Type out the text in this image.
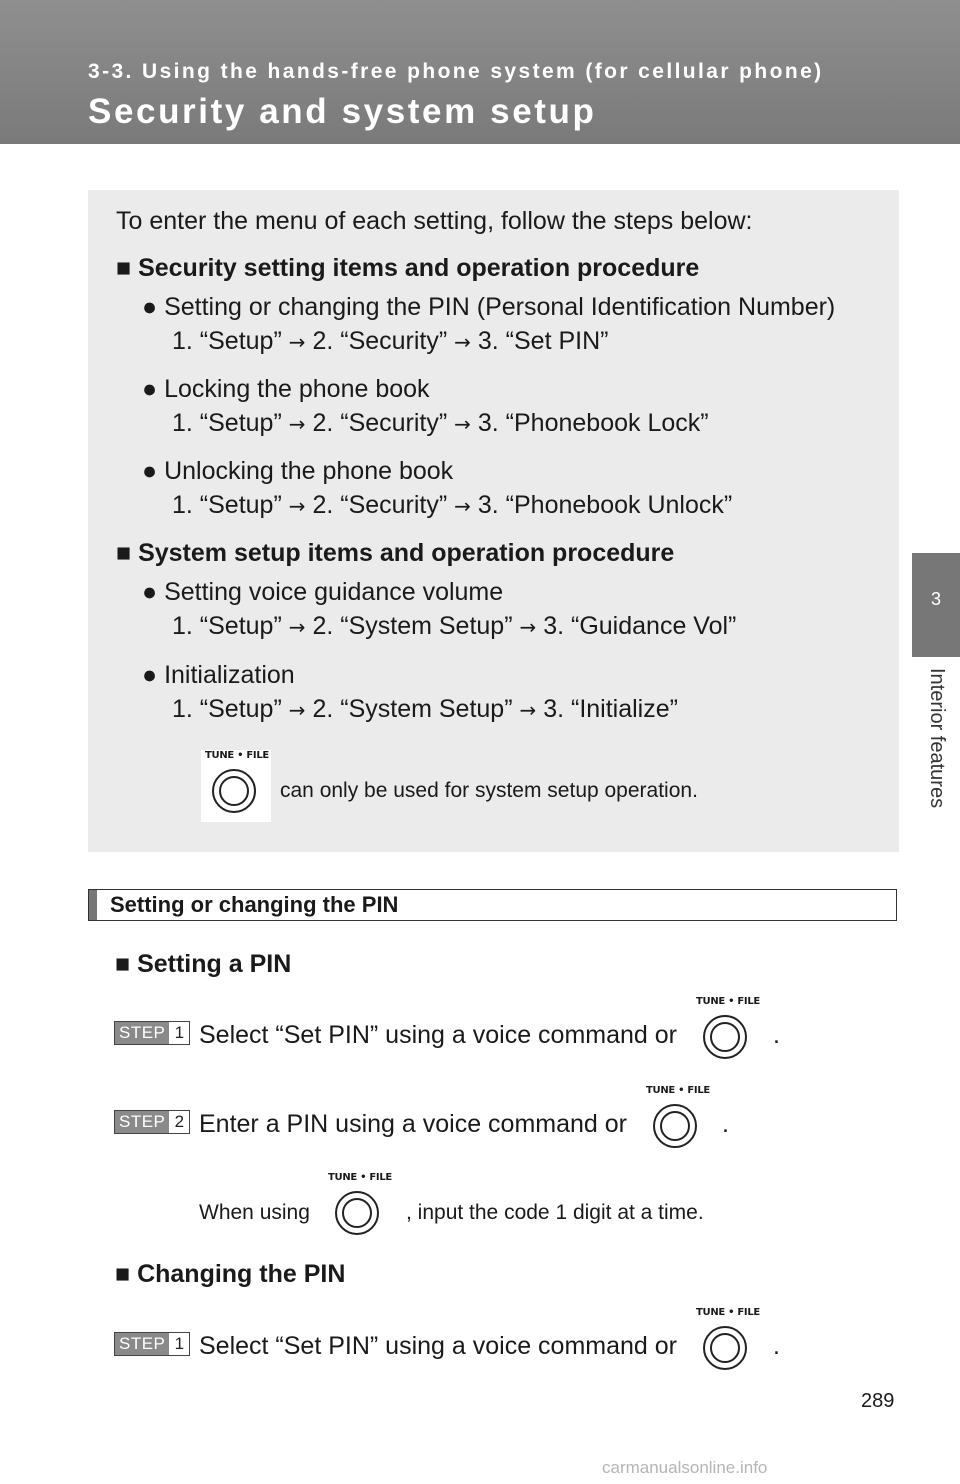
3-3. Using the hands-free phone system (for cellular phone)
Security and system setup
3
Interior features
To enter the menu of each setting, follow the steps below:
■ Security setting items and operation procedure
● Setting or changing the PIN (Personal Identification Number)
1. “Setup” → 2. “Security” → 3. “Set PIN”
● Locking the phone book
1. “Setup” → 2. “Security” → 3. “Phonebook Lock”
● Unlocking the phone book
1. “Setup” → 2. “Security” → 3. “Phonebook Unlock”
■ System setup items and operation procedure
● Setting voice guidance volume
1. “Setup” → 2. “System Setup” → 3. “Guidance Vol”
● Initialization
1. “Setup” → 2. “System Setup” → 3. “Initialize”
TUNE • FILE
can only be used for system setup operation.
Setting or changing the PIN
■ Setting a PIN
STEP 1 Select “Set PIN” using a voice command or
TUNE • FILE
.
STEP 2 Enter a PIN using a voice command or
TUNE • FILE
.
When using
TUNE • FILE
, input the code 1 digit at a time.
■ Changing the PIN
STEP 1 Select “Set PIN” using a voice command or
TUNE • FILE
.
289
carmanualsonline.info
